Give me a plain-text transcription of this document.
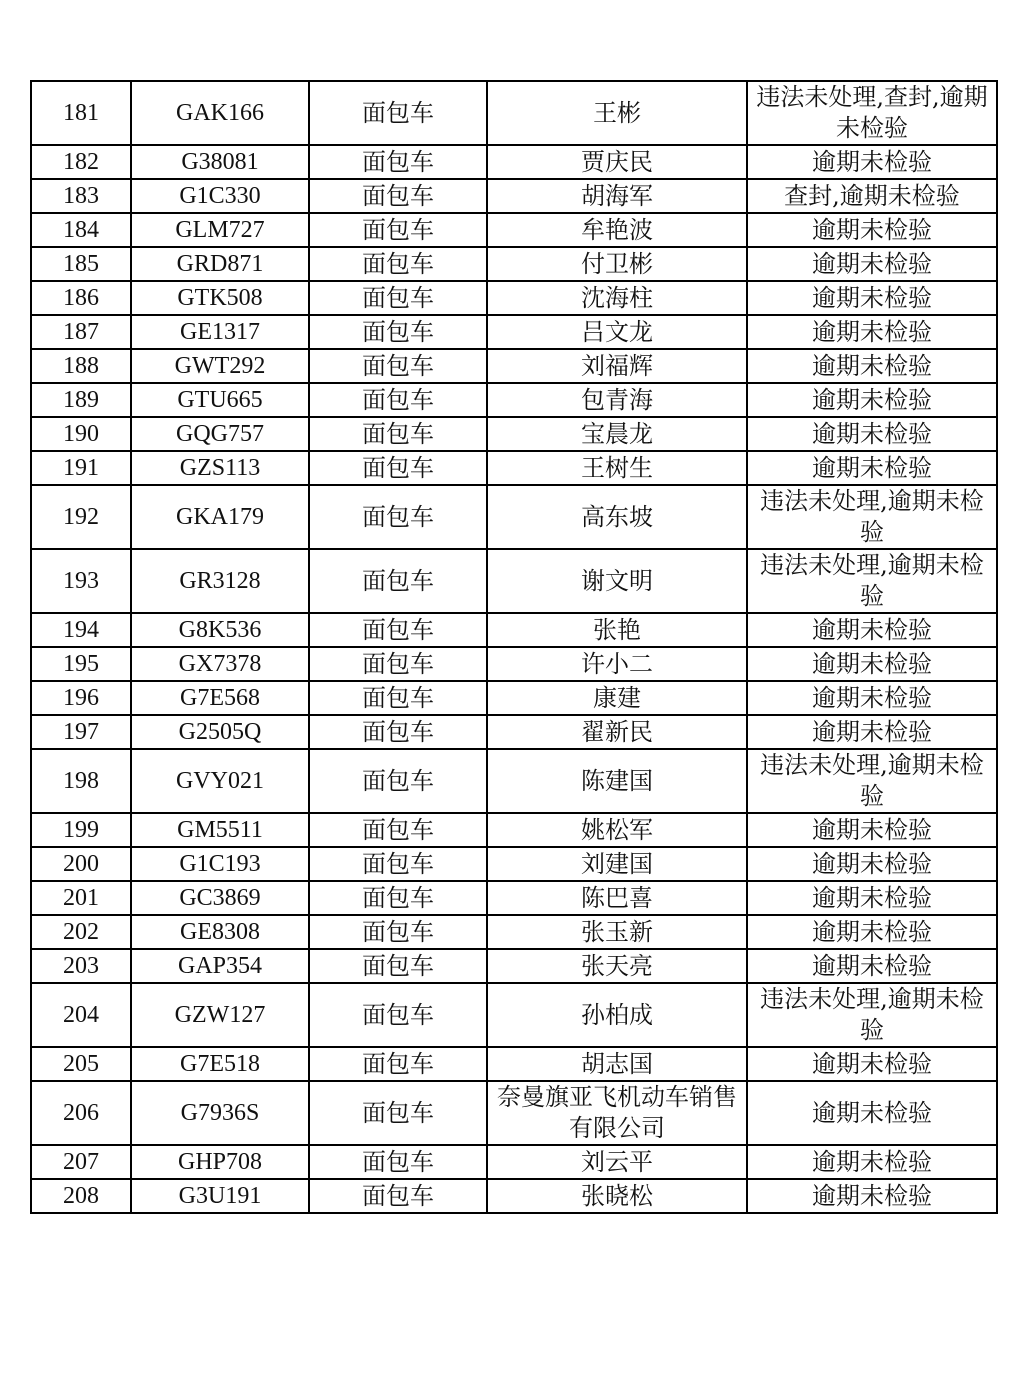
181	GAK166	面包车	王彬	违法未处理,查封,逾期未检验
182	G38081	面包车	贾庆民	逾期未检验
183	G1C330	面包车	胡海军	查封,逾期未检验
184	GLM727	面包车	牟艳波	逾期未检验
185	GRD871	面包车	付卫彬	逾期未检验
186	GTK508	面包车	沈海柱	逾期未检验
187	GE1317	面包车	吕文龙	逾期未检验
188	GWT292	面包车	刘福辉	逾期未检验
189	GTU665	面包车	包青海	逾期未检验
190	GQG757	面包车	宝晨龙	逾期未检验
191	GZS113	面包车	王树生	逾期未检验
192	GKA179	面包车	高东坡	违法未处理,逾期未检验
193	GR3128	面包车	谢文明	违法未处理,逾期未检验
194	G8K536	面包车	张艳	逾期未检验
195	GX7378	面包车	许小二	逾期未检验
196	G7E568	面包车	康建	逾期未检验
197	G2505Q	面包车	翟新民	逾期未检验
198	GVY021	面包车	陈建国	违法未处理,逾期未检验
199	GM5511	面包车	姚松军	逾期未检验
200	G1C193	面包车	刘建国	逾期未检验
201	GC3869	面包车	陈巴喜	逾期未检验
202	GE8308	面包车	张玉新	逾期未检验
203	GAP354	面包车	张天亮	逾期未检验
204	GZW127	面包车	孙柏成	违法未处理,逾期未检验
205	G7E518	面包车	胡志国	逾期未检验
206	G7936S	面包车	奈曼旗亚飞机动车销售有限公司	逾期未检验
207	GHP708	面包车	刘云平	逾期未检验
208	G3U191	面包车	张晓松	逾期未检验
